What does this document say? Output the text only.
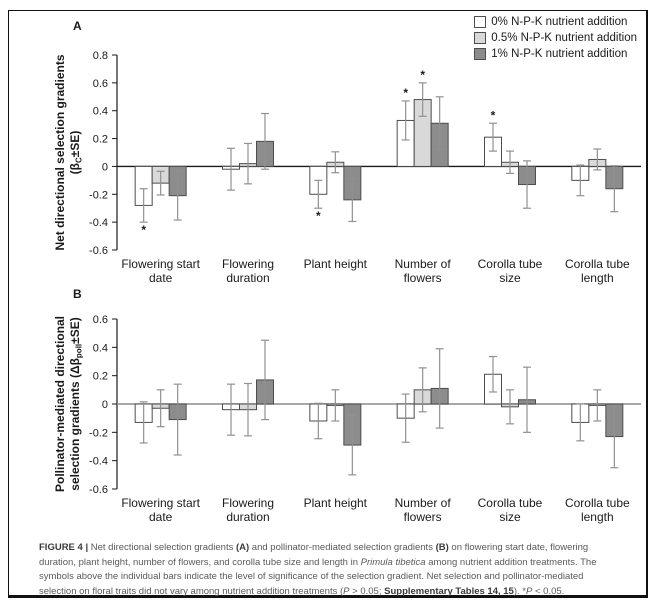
A	0% N-P-K nutrient addition
0.5% N-P-K nutrient addition
1% N-P-K nutrient addition
0.8
0.6
0.4
0.2
0
-0.2
-0.4
-0.6
Net directional selection gradients $(\beta_C\pm SE)$
*
Flowering start date
Flowering duration
*
Plant height
*
*
Number of flowers
*
Corolla tube size
Corolla tube length
B
0.6
0.4
0.2
0
-0.2
-0.4
-0.6
Pollinator-mediated directional selection gradients $(\Delta\beta_{poll}\pm SE)$
Flowering start date
Flowering duration
Plant height Number of flowers
Corolla tube size
Corolla tube length
FIGURE 4 | Net directional selection gradients (A) and pollinator-mediated selection gradients (B) on flowering start date, flowering duration, plant height, number of flowers, and corolla tube size and length in Primula tibetica among nutrient addition treatments. The symbols above the individual bars indicate the level of significance of the selection gradient. Net selection and pollinator-mediated selection on floral traits did not vary among nutrient addition treatments (P > 0.05; Supplementary Tables 14, 15). *P < 0.05.
